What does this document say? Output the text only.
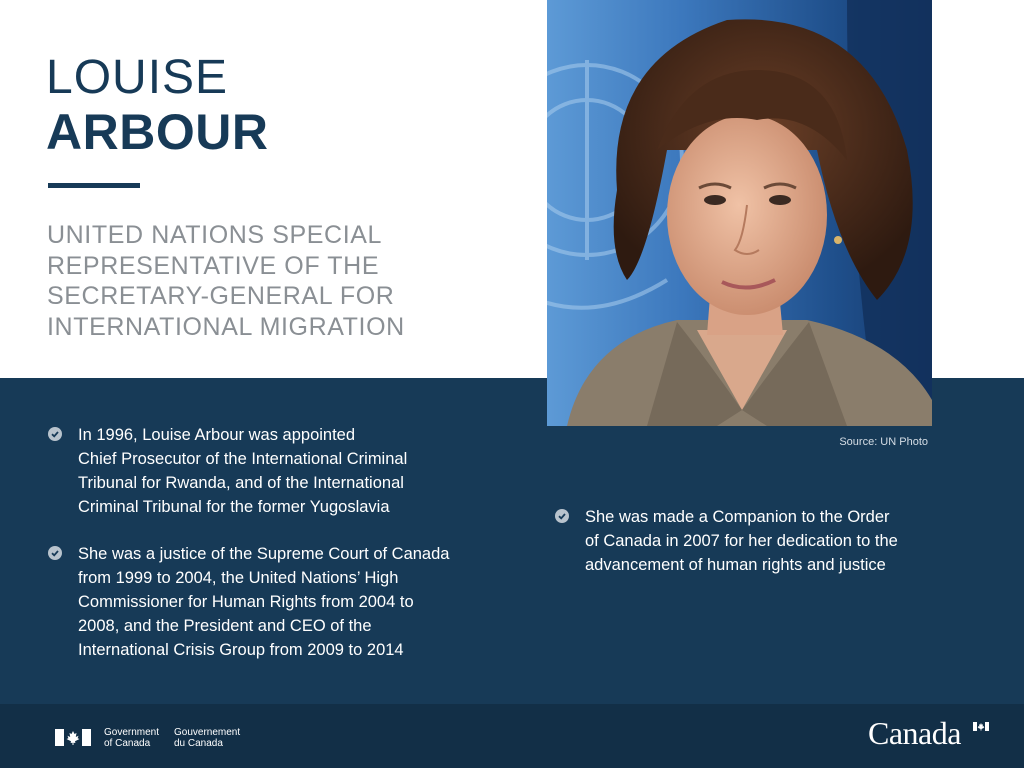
LOUISE
ARBOUR

UNITED NATIONS SPECIAL
REPRESENTATIVE OF THE
SECRETARY-GENERAL FOR
INTERNATIONAL MIGRATION

Source: UN Photo
In 1996, Louise Arbour was appointed
Chief Prosecutor of the International Criminal
Tribunal for Rwanda, and of the International
Criminal Tribunal for the former Yugoslavia
She was a justice of the Supreme Court of Canada
from 1999 to 2004, the United Nations’ High
Commissioner for Human Rights from 2004 to
2008, and the President and CEO of the
International Crisis Group from 2009 to 2014
She was made a Companion to the Order
of Canada in 2007 for her dedication to the
advancement of human rights and justice
Government
of Canada
Gouvernement
du Canada	Canada
